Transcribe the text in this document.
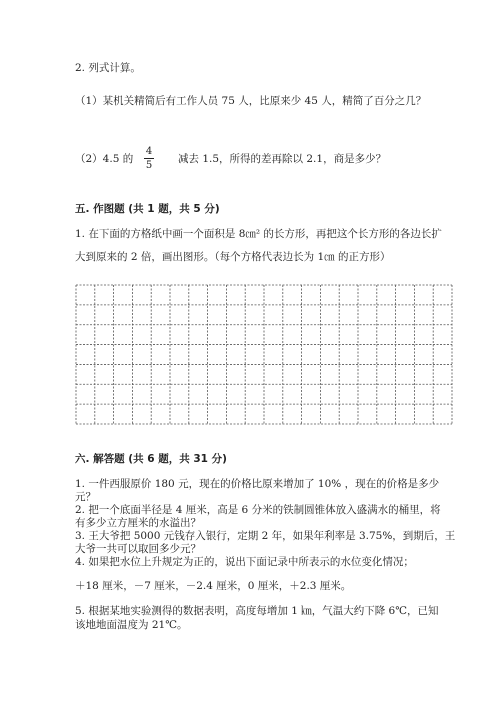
2. 列式计算。
（1）某机关精简后有工作人员 75 人，比原来少 45 人，精简了百分之几？
（2）4.5 的
4
5
减去 1.5，所得的差再除以 2.1，商是多少？
五. 作图题 (共 1 题，共 5 分)
1. 在下面的方格纸中画一个面积是 8㎝² 的长方形，再把这个长方形的各边长扩
大到原来的 2 倍，画出图形。（每个方格代表边长为 1㎝ 的正方形）
六. 解答题 (共 6 题，共 31 分)
1. 一件西服原价 180 元，现在的价格比原来增加了 10% ，现在的价格是多少
元？
2. 把一个底面半径是 4 厘米，高是 6 分米的铁制圆锥体放入盛满水的桶里，将
有多少立方厘米的水溢出？
3. 王大爷把 5000 元钱存入银行，定期 2 年，如果年利率是 3.75%，到期后，王
大爷一共可以取回多少元？
4. 如果把水位上升规定为正的，说出下面记录中所表示的水位变化情况；
＋18 厘米，－7 厘米，－2.4 厘米，0 厘米，＋2.3 厘米。
5. 根据某地实验测得的数据表明，高度每增加 1 ㎞，气温大约下降 6℃，已知
该地地面温度为 21℃。
